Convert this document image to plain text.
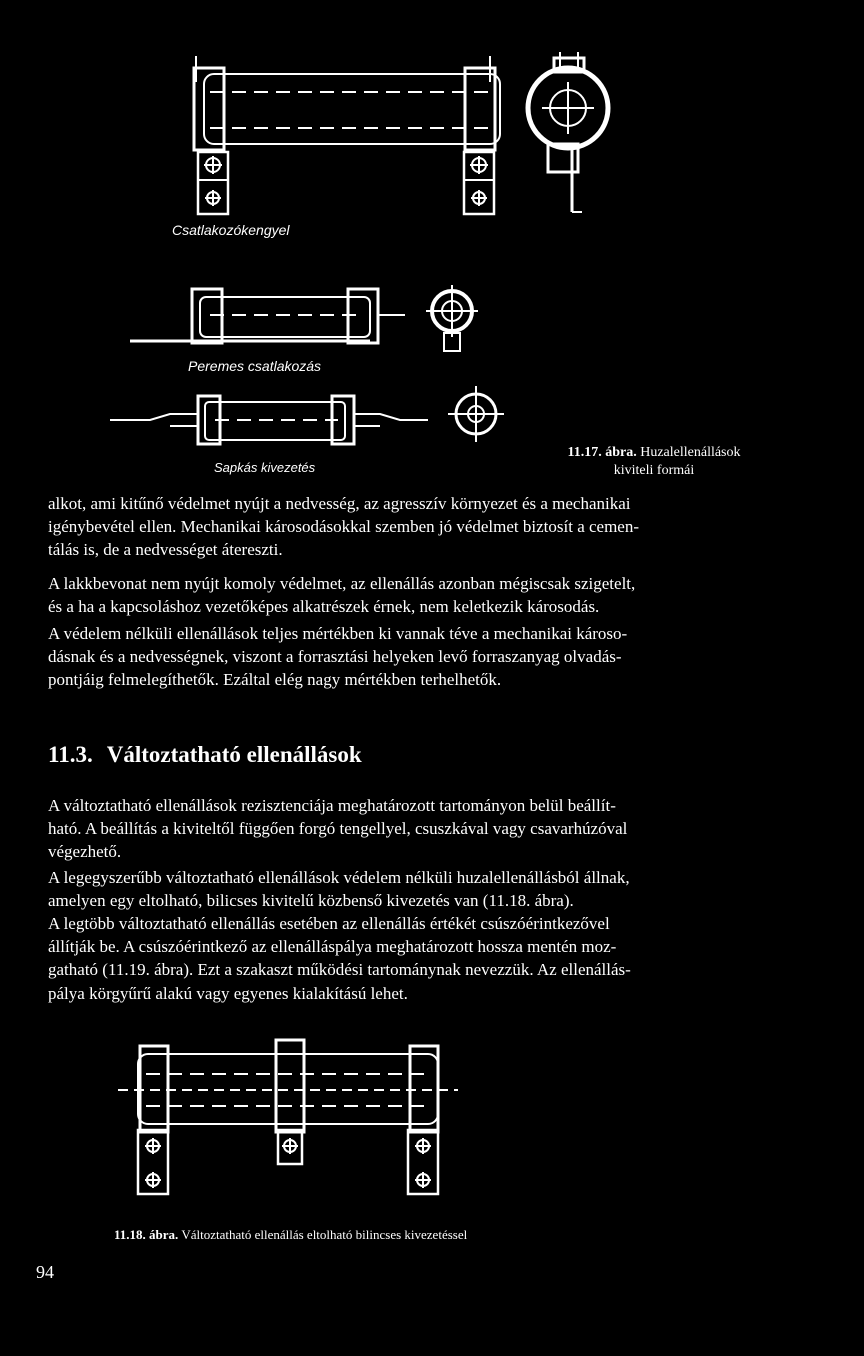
Csatlakozókengyel
Peremes csatlakozás
Sapkás kivezetés
11.17. ábra. Huzalellenállások
kiviteli formái

alkot, ami kitűnő védelmet nyújt a nedvesség, az agresszív környezet és a mechanikai

igénybevétel ellen. Mechanikai károsodásokkal szemben jó védelmet biztosít a cemen-

tálás is, de a nedvességet átereszti.

A lakkbevonat nem nyújt komoly védelmet, az ellenállás azonban mégiscsak szigetelt,

és a ha a kapcsoláshoz vezetőképes alkatrészek érnek, nem keletkezik károsodás.

A védelem nélküli ellenállások teljes mértékben ki vannak téve a mechanikai károso-

dásnak és a nedvességnek, viszont a forrasztási helyeken levő forraszanyag olvadás-

pontjáig felmelegíthetők. Ezáltal elég nagy mértékben terhelhetők.

11.3. Változtatható ellenállások

A változtatható ellenállások rezisztenciája meghatározott tartományon belül beállít-

ható. A beállítás a kiviteltől függően forgó tengellyel, csuszkával vagy csavarhúzóval

végezhető.

A legegyszerűbb változtatható ellenállások védelem nélküli huzalellenállásból állnak,

amelyen egy eltolható, bilicses kivitelű közbenső kivezetés van (11.18. ábra).

A legtöbb változtatható ellenállás esetében az ellenállás értékét csúszóérintkezővel

állítják be. A csúszóérintkező az ellenálláspálya meghatározott hossza mentén moz-

gatható (11.19. ábra). Ezt a szakaszt működési tartománynak nevezzük. Az ellenállás-

pálya körgyűrű alakú vagy egyenes kialakítású lehet.

11.18. ábra. Változtatható ellenállás eltolható bilincses kivezetéssel
94
